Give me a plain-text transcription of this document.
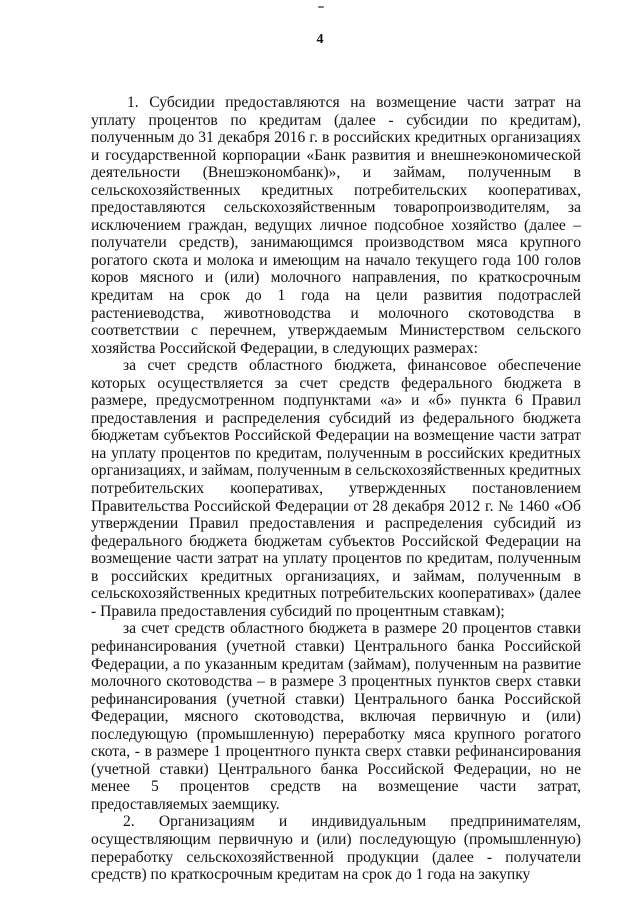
4

1. Субсидии предоставляются на возмещение части затрат на уплату процентов по кредитам (далее - субсидии по кредитам), полученным до 31 декабря 2016 г. в российских кредитных организациях и государственной корпорации «Банк развития и внешнеэкономической деятельности (Внешэкономбанк)», и займам, полученным в сельскохозяйственных кредитных потребительских кооперативах, предоставляются сельскохозяйственным товаропроизводителям, за исключением граждан, ведущих личное подсобное хозяйство (далее – получатели средств), занимающимся производством мяса крупного рогатого скота и молока и имеющим на начало текущего года 100 голов коров мясного и (или) молочного направления, по краткосрочным кредитам на срок до 1 года на цели развития подотраслей растениеводства, животноводства и молочного скотоводства в соответствии с перечнем, утверждаемым Министерством сельского хозяйства Российской Федерации, в следующих размерах:

за счет средств областного бюджета, финансовое обеспечение которых осуществляется за счет средств федерального бюджета в размере, предусмотренном подпунктами «а» и «б» пункта 6 Правил предоставления и распределения субсидий из федерального бюджета бюджетам субъектов Российской Федерации на возмещение части затрат на уплату процентов по кредитам, полученным в российских кредитных организациях, и займам, полученным в сельскохозяйственных кредитных потребительских кооперативах, утвержденных постановлением Правительства Российской Федерации от 28 декабря 2012 г. № 1460 «Об утверждении Правил предоставления и распределения субсидий из федерального бюджета бюджетам субъектов Российской Федерации на возмещение части затрат на уплату процентов по кредитам, полученным в российских кредитных организациях, и займам, полученным в сельскохозяйственных кредитных потребительских кооперативах» (далее - Правила предоставления субсидий по процентным ставкам);

за счет средств областного бюджета в размере 20 процентов ставки рефинансирования (учетной ставки) Центрального банка Российской Федерации, а по указанным кредитам (займам), полученным на развитие молочного скотоводства – в размере 3 процентных пунктов сверх ставки рефинансирования (учетной ставки) Центрального банка Российской Федерации, мясного скотоводства, включая первичную и (или) последующую (промышленную) переработку мяса крупного рогатого скота, - в размере 1 процентного пункта сверх ставки рефинансирования (учетной ставки) Центрального банка Российской Федерации, но не менее 5 процентов средств на возмещение части затрат, предоставляемых заемщику.

2. Организациям и индивидуальным предпринимателям, осуществляющим первичную и (или) последующую (промышленную) переработку сельскохозяйственной продукции (далее - получатели средств) по краткосрочным кредитам на срок до 1 года на закупку
